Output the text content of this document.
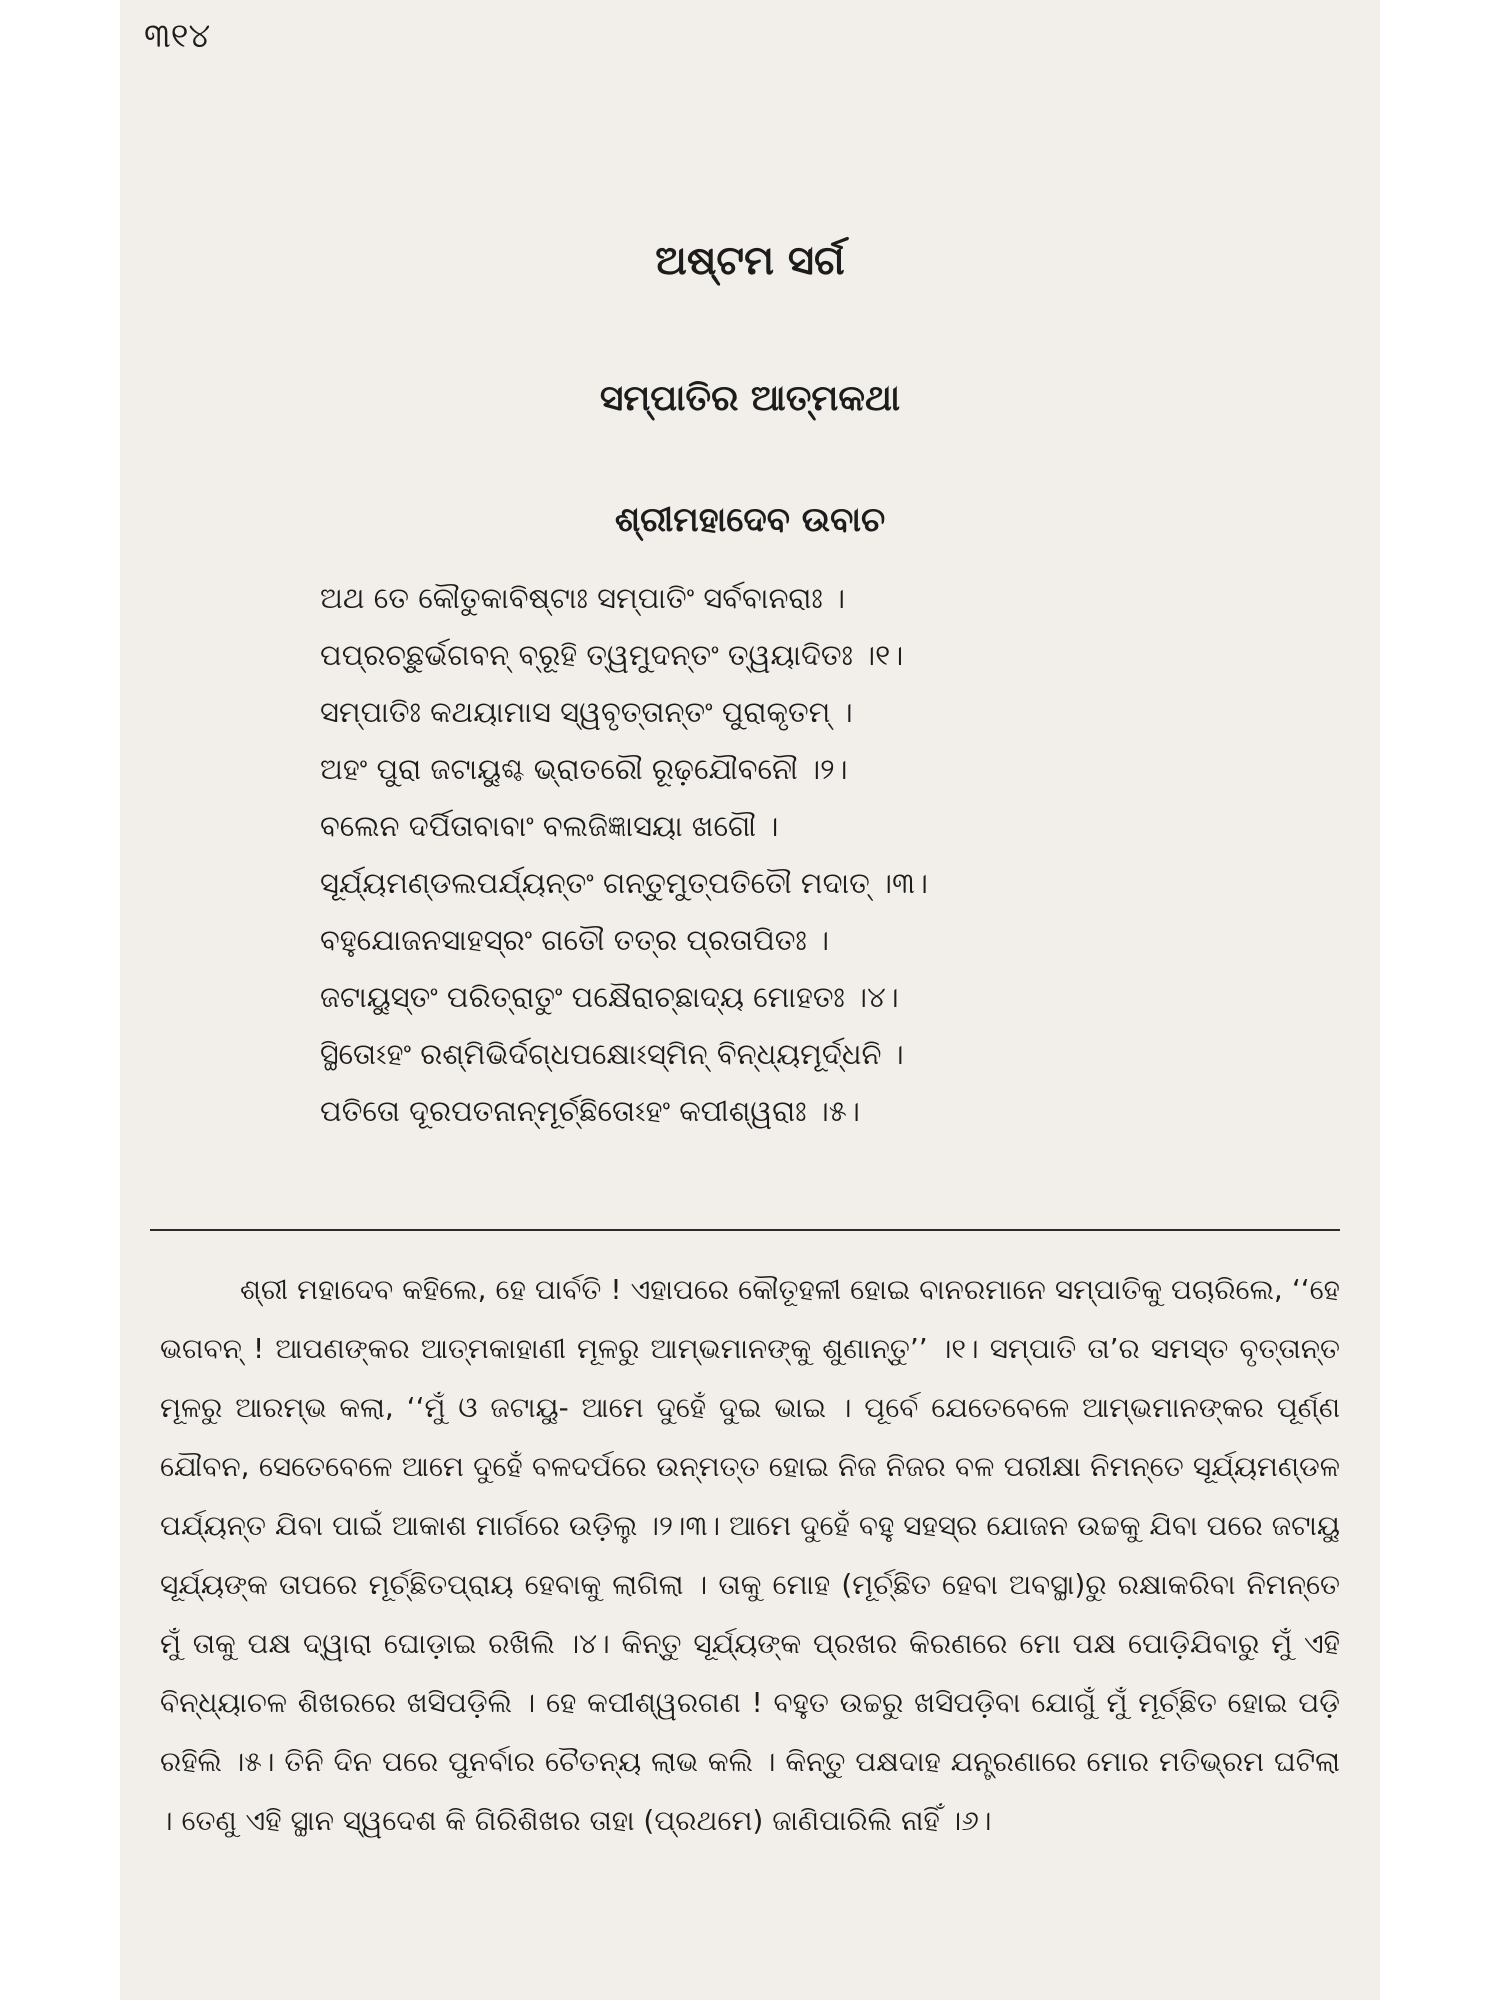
୩୧୪
ଅଷ୍ଟମ ସର୍ଗ
ସମ୍ପାତିର ଆତ୍ମକଥା
ଶ୍ରୀମହାଦେବ ଉବାଚ
ଅଥ ତେ କୌତୁକାବିଷ୍ଟାଃ ସମ୍ପାତିଂ ସର୍ବବାନରାଃ ।
ପପ୍ରଚ୍ଛୁର୍ଭଗବନ୍ ବ୍ରୂହି ତ୍ୱମୁଦନ୍ତଂ ତ୍ୱୟାଦିତଃ ।୧।
ସମ୍ପାତିଃ କଥୟାମାସ ସ୍ୱବୃତ୍ତାନ୍ତଂ ପୁରାକୃତମ୍ ।
ଅହଂ ପୁରା ଜଟାୟୁଶ୍ଚ ଭ୍ରାତରୌ ରୂଢ଼ଯୌବନୌ ।୨।
ବଲେନ ଦର୍ପିତାବାବାଂ ବଲଜିଜ୍ଞାସୟା ଖଗୌ ।
ସୂର୍ଯ୍ୟମଣ୍ଡଲପର୍ଯ୍ୟନ୍ତଂ ଗନ୍ତୁମୁତ୍ପତିତୌ ମଦାତ୍ ।୩।
ବହୁଯୋଜନସାହସ୍ରଂ ଗତୌ ତତ୍ର ପ୍ରତାପିତଃ ।
ଜଟାୟୁସ୍ତଂ ପରିତ୍ରାତୁଂ ପକ୍ଷୈରାଚ୍ଛାଦ୍ୟ ମୋହତଃ ।୪।
ସ୍ଥିତୋଽହଂ ରଶ୍ମିଭିର୍ଦଗ୍ଧପକ୍ଷୋଽସ୍ମିନ୍ ବିନ୍ଧ୍ୟମୂର୍ଦ୍ଧନି ।
ପତିତୋ ଦୂରପତନାନ୍ମୂର୍ଚ୍ଛିତୋଽହଂ କପୀଶ୍ୱରାଃ ।୫।

ଶ୍ରୀ ମହାଦେବ କହିଲେ, ହେ ପାର୍ବତି ! ଏହାପରେ କୌତୂହଳୀ ହୋଇ ବାନରମାନେ ସମ୍ପାତିକୁ ପଚାରିଲେ, ‘‘ହେ ଭଗବନ୍ ! ଆପଣଙ୍କର ଆତ୍ମକାହାଣୀ ମୂଳରୁ ଆମ୍ଭମାନଙ୍କୁ ଶୁଣାନ୍ତୁ’’ ।୧। ସମ୍ପାତି ତା’ର ସମସ୍ତ ବୃତ୍ତାନ୍ତ ମୂଳରୁ ଆରମ୍ଭ କଲା, ‘‘ମୁଁ ଓ ଜଟାୟୁ- ଆମେ ଦୁହେଁ ଦୁଇ ଭାଇ । ପୂର୍ବେ ଯେତେବେଳେ ଆମ୍ଭମାନଙ୍କର ପୂର୍ଣ୍ଣ ଯୌବନ, ସେତେବେଳେ ଆମେ ଦୁହେଁ ବଳଦର୍ପରେ ଉନ୍ମତ୍ତ ହୋଇ ନିଜ ନିଜର ବଳ ପରୀକ୍ଷା ନିମନ୍ତେ ସୂର୍ଯ୍ୟମଣ୍ଡଳ ପର୍ଯ୍ୟନ୍ତ ଯିବା ପାଇଁ ଆକାଶ ମାର୍ଗରେ ଉଡ଼ିଲୁ ।୨।୩। ଆମେ ଦୁହେଁ ବହୁ ସହସ୍ର ଯୋଜନ ଉଚ୍ଚକୁ ଯିବା ପରେ ଜଟାୟୁ ସୂର୍ଯ୍ୟଙ୍କ ତାପରେ ମୂର୍ଚ୍ଛିତପ୍ରାୟ ହେବାକୁ ଲାଗିଲା । ତାକୁ ମୋହ (ମୂର୍ଚ୍ଛିତ ହେବା ଅବସ୍ଥା)ରୁ ରକ୍ଷାକରିବା ନିମନ୍ତେ ମୁଁ ତାକୁ ପକ୍ଷ ଦ୍ୱାରା ଘୋଡ଼ାଇ ରଖିଲି ।୪। କିନ୍ତୁ ସୂର୍ଯ୍ୟଙ୍କ ପ୍ରଖର କିରଣରେ ମୋ ପକ୍ଷ ପୋଡ଼ିଯିବାରୁ ମୁଁ ଏହି ବିନ୍ଧ୍ୟାଚଳ ଶିଖରରେ ଖସିପଡ଼ିଲି । ହେ କପୀଶ୍ୱରଗଣ ! ବହୁତ ଉଚ୍ଚରୁ ଖସିପଡ଼ିବା ଯୋଗୁଁ ମୁଁ ମୂର୍ଚ୍ଛିତ ହୋଇ ପଡ଼ି ରହିଲି ।୫। ତିନି ଦିନ ପରେ ପୁନର୍ବାର ଚୈତନ୍ୟ ଲାଭ କଲି । କିନ୍ତୁ ପକ୍ଷଦାହ ଯନ୍ତ୍ରଣାରେ ମୋର ମତିଭ୍ରମ ଘଟିଲା । ତେଣୁ ଏହି ସ୍ଥାନ ସ୍ୱଦେଶ କି ଗିରିଶିଖର ତାହା (ପ୍ରଥମେ) ଜାଣିପାରିଲି ନାହିଁ ।୬।
